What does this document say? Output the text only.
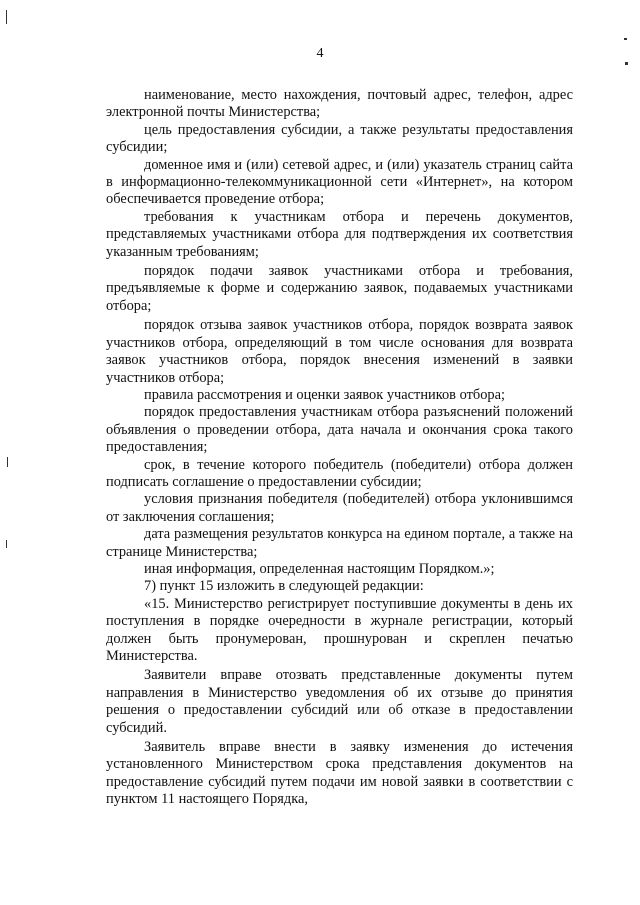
4

наименование, место нахождения, почтовый адрес, телефон, адрес электронной почты Министерства;

цель предоставления субсидии, а также результаты предоставления субсидии;

доменное имя и (или) сетевой адрес, и (или) указатель страниц сайта в информационно-телекоммуникационной сети «Интернет», на котором обеспечивается проведение отбора;

требования к участникам отбора и перечень документов, представляемых участниками отбора для подтверждения их соответствия указанным требованиям;

порядок подачи заявок участниками отбора и требования, предъявляемые к форме и содержанию заявок, подаваемых участниками отбора;

порядок отзыва заявок участников отбора, порядок возврата заявок участников отбора, определяющий в том числе основания для возврата заявок участников отбора, порядок внесения изменений в заявки участников отбора;

правила рассмотрения и оценки заявок участников отбора;

порядок предоставления участникам отбора разъяснений положений объявления о проведении отбора, дата начала и окончания срока такого предоставления;

срок, в течение которого победитель (победители) отбора должен подписать соглашение о предоставлении субсидии;

условия признания победителя (победителей) отбора уклонившимся от заключения соглашения;

дата размещения результатов конкурса на едином портале, а также на странице Министерства;

иная информация, определенная настоящим Порядком.»;

7) пункт 15 изложить в следующей редакции:

«15. Министерство регистрирует поступившие документы в день их поступления в порядке очередности в журнале регистрации, который должен быть пронумерован, прошнурован и скреплен печатью Министерства.

Заявители вправе отозвать представленные документы путем направления в Министерство уведомления об их отзыве до принятия решения о предоставлении субсидий или об отказе в предоставлении субсидий.

Заявитель вправе внести в заявку изменения до истечения установленного Министерством срока представления документов на предоставление субсидий путем подачи им новой заявки в соответствии с пунктом 11 настоящего Порядка,
